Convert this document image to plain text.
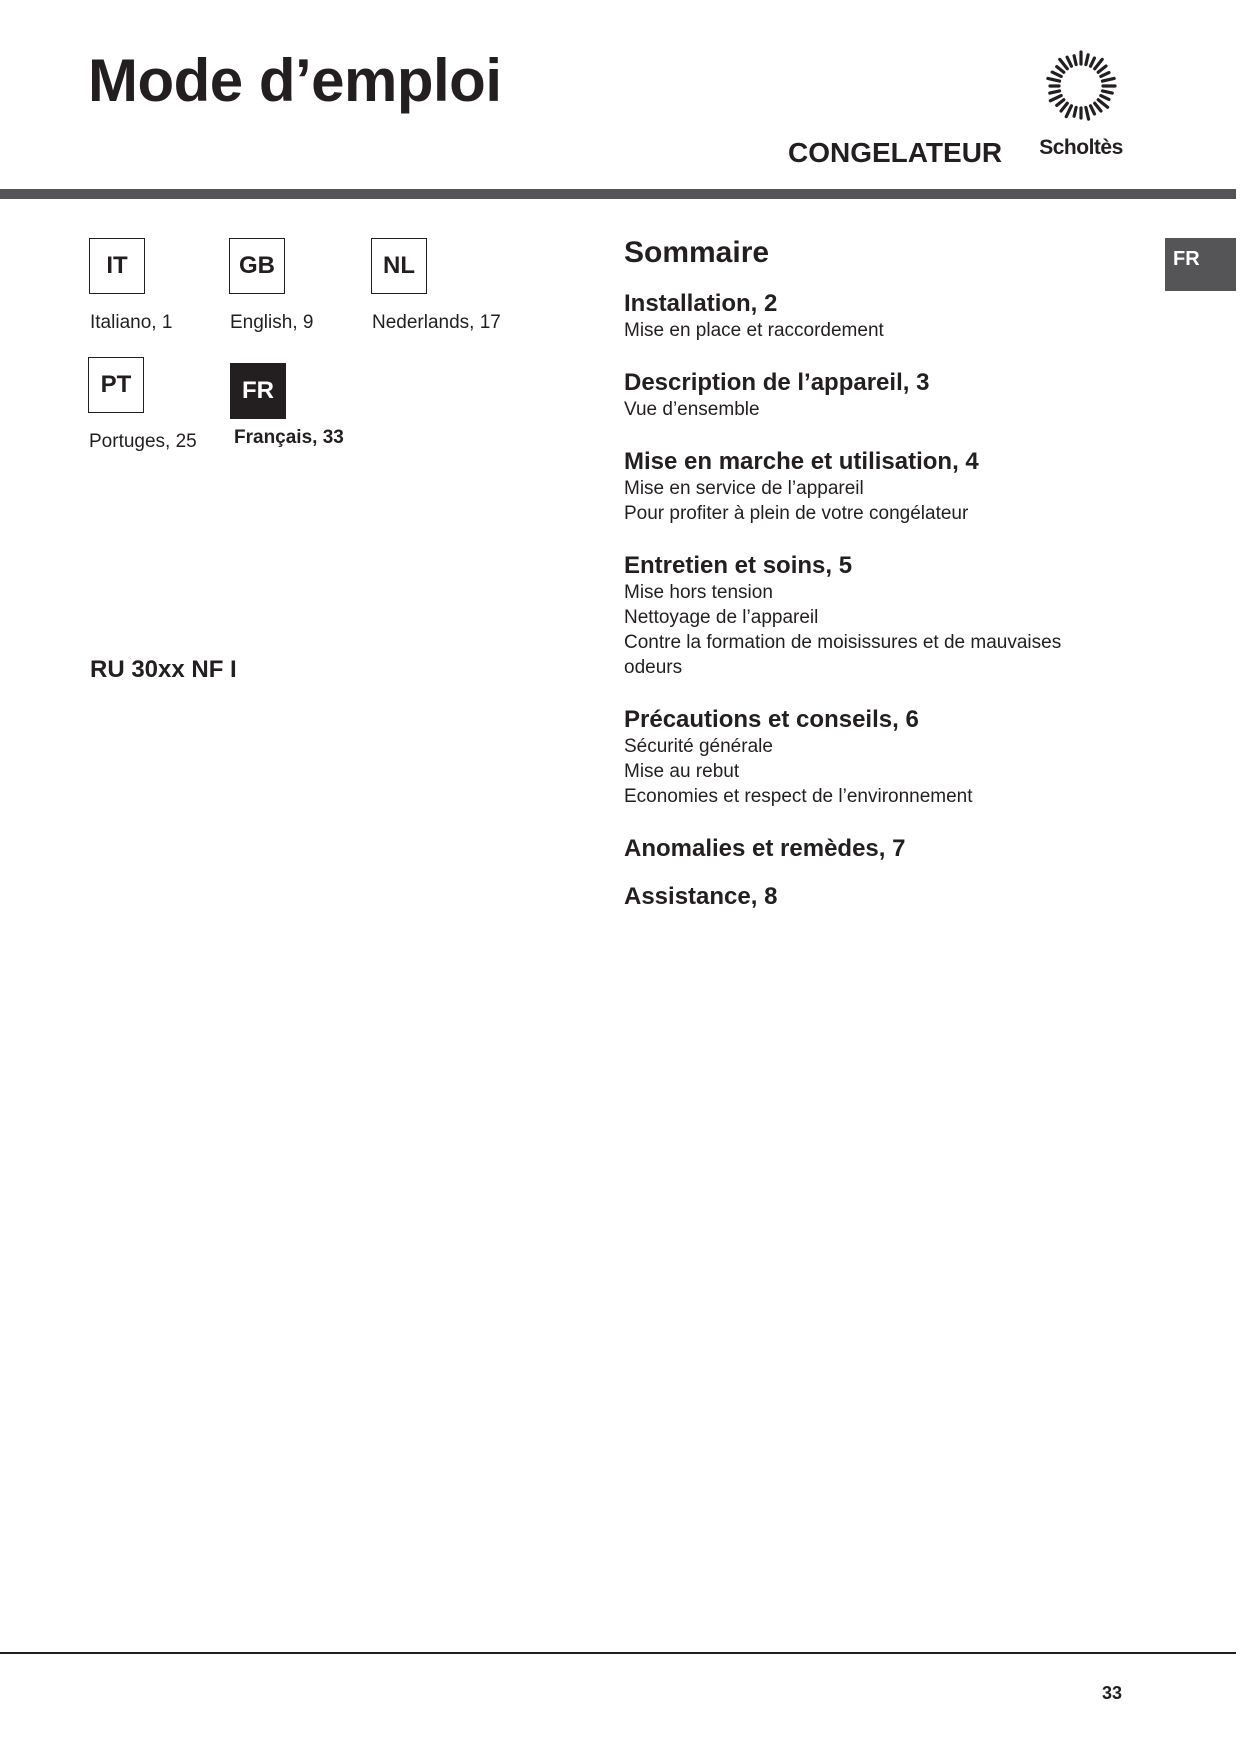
Mode d’emploi
CONGELATEUR Scholtès
FR
IT
Italiano, 1
GB
English, 9
NL
Nederlands, 17
PT
Portuges, 25
FR
Français, 33
RU 30xx NF I
Sommaire
Installation, 2
Mise en place et raccordement
Description de l’appareil, 3
Vue d’ensemble
Mise en marche et utilisation, 4
Mise en service de l’appareil
Pour profiter à plein de votre congélateur
Entretien et soins, 5
Mise hors tension
Nettoyage de l’appareil
Contre la formation de moisissures et de mauvaises
odeurs
Précautions et conseils, 6
Sécurité générale
Mise au rebut
Economies et respect de l’environnement
Anomalies et remèdes, 7
Assistance, 8
33
